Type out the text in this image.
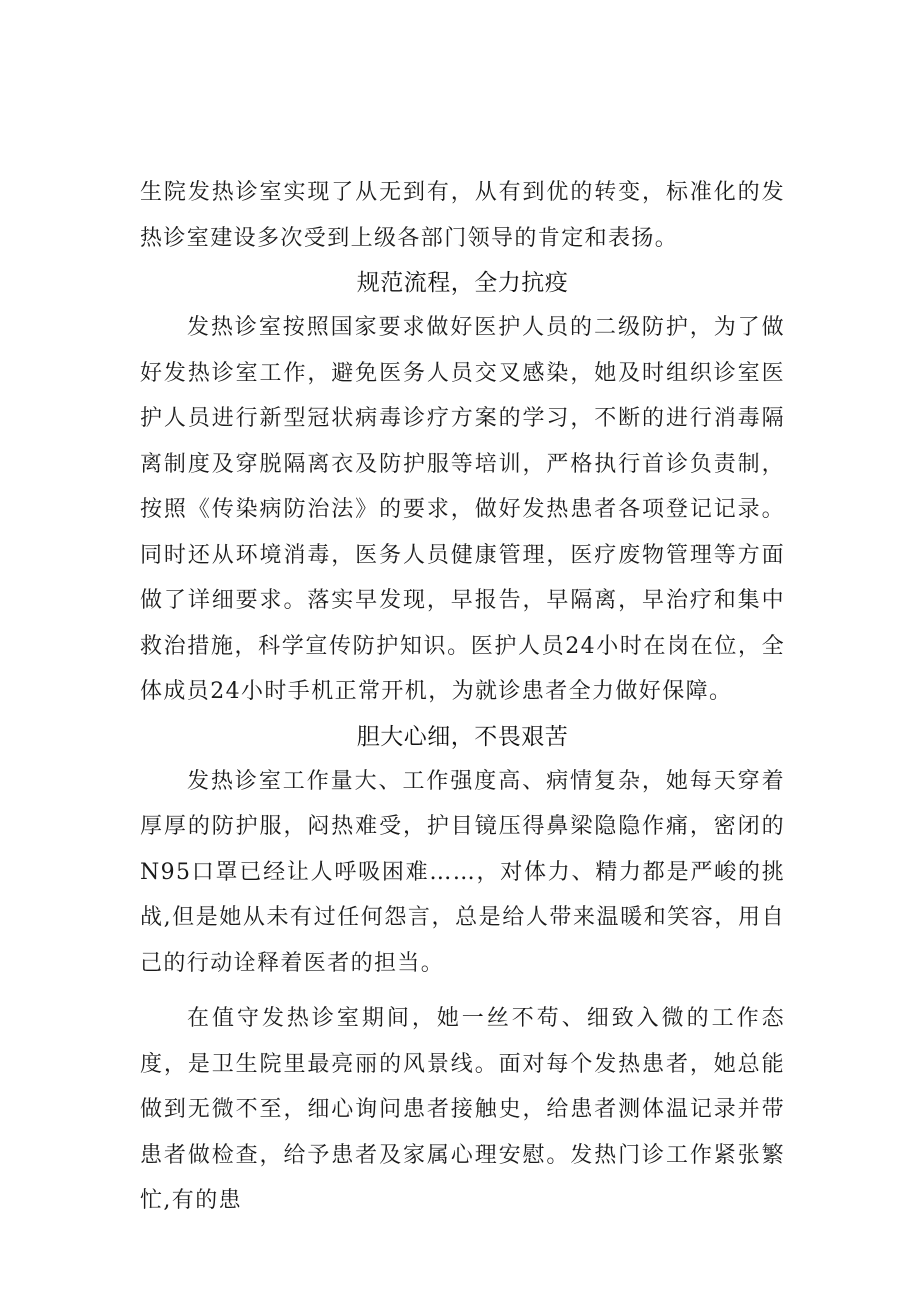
生院发热诊室实现了从无到有，从有到优的转变，标准化的发热诊室建设多次受到上级各部门领导的肯定和表扬。

规范流程，全力抗疫

发热诊室按照国家要求做好医护人员的二级防护，为了做好发热诊室工作，避免医务人员交叉感染，她及时组织诊室医护人员进行新型冠状病毒诊疗方案的学习，不断的进行消毒隔离制度及穿脱隔离衣及防护服等培训，严格执行首诊负责制，按照《传染病防治法》的要求，做好发热患者各项登记记录。同时还从环境消毒，医务人员健康管理，医疗废物管理等方面做了详细要求。落实早发现，早报告，早隔离，早治疗和集中救治措施，科学宣传防护知识。医护人员24小时在岗在位，全体成员24小时手机正常开机，为就诊患者全力做好保障。

胆大心细，不畏艰苦

发热诊室工作量大、工作强度高、病情复杂，她每天穿着厚厚的防护服，闷热难受，护目镜压得鼻梁隐隐作痛，密闭的N95口罩已经让人呼吸困难……，对体力、精力都是严峻的挑战,但是她从未有过任何怨言，总是给人带来温暖和笑容，用自己的行动诠释着医者的担当。

在值守发热诊室期间，她一丝不苟、细致入微的工作态度，是卫生院里最亮丽的风景线。面对每个发热患者，她总能做到无微不至，细心询问患者接触史，给患者测体温记录并带患者做检查，给予患者及家属心理安慰。发热门诊工作紧张繁忙,有的患
